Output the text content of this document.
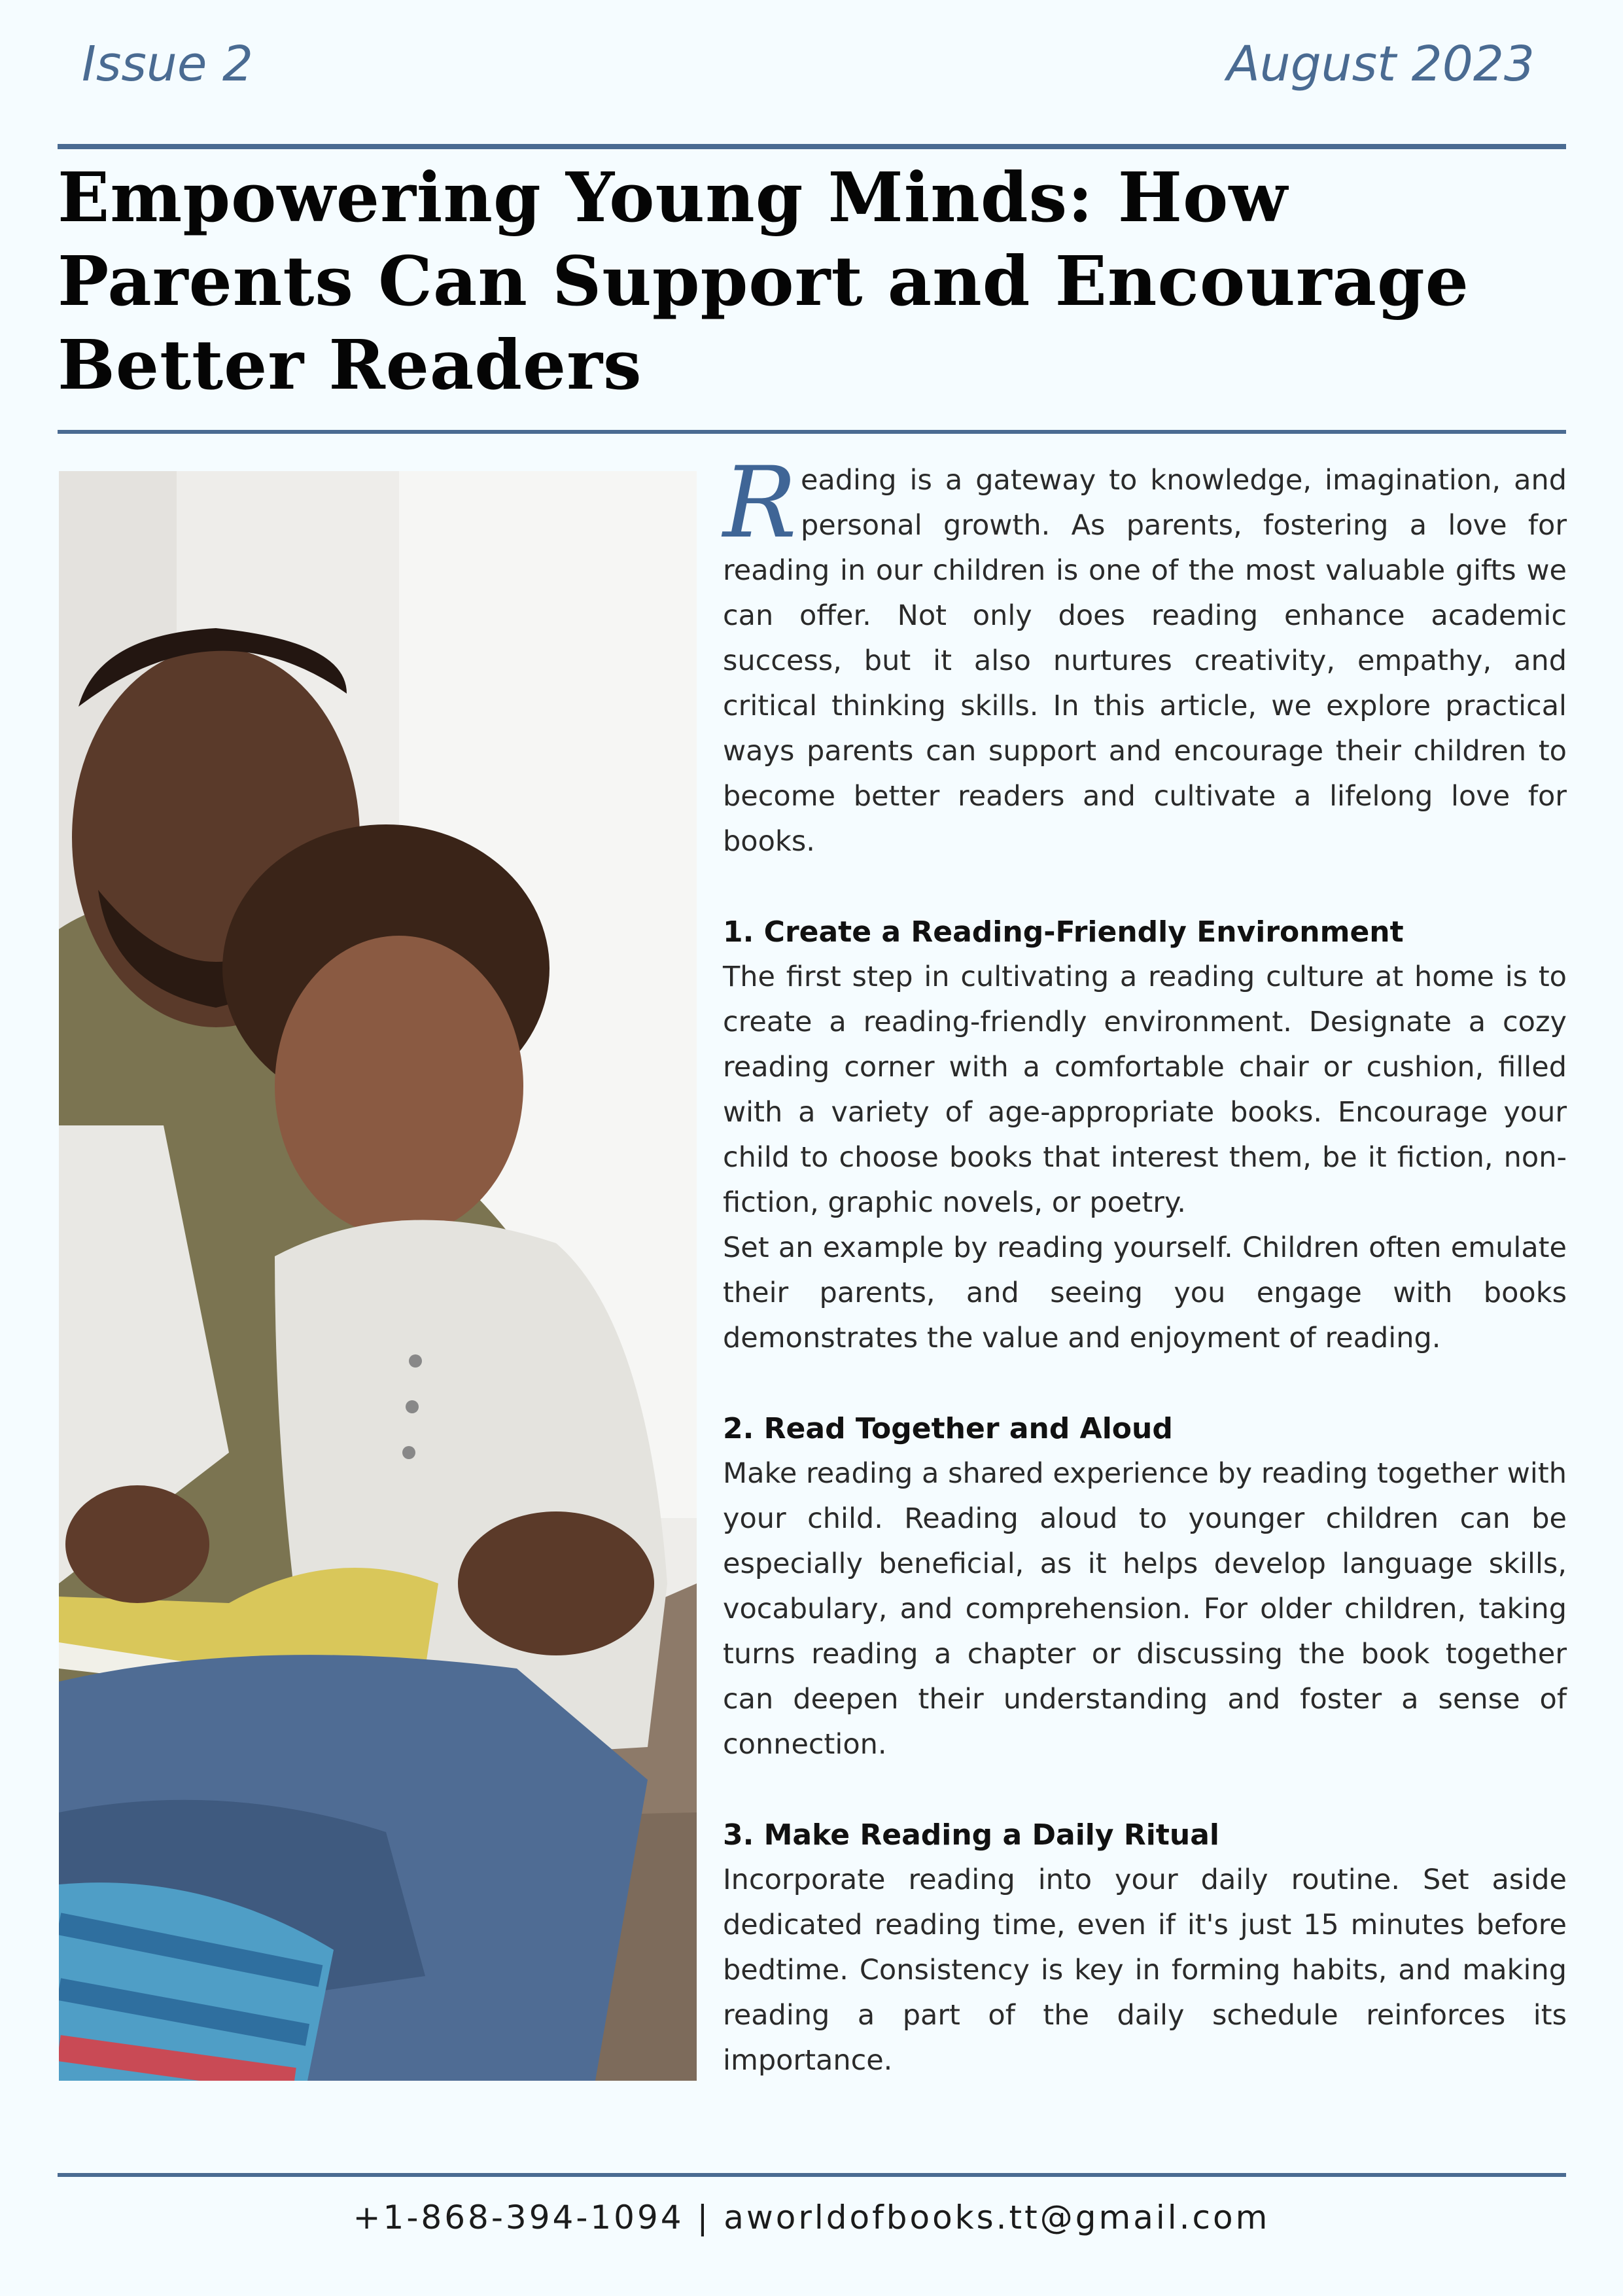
Issue 2	August 2023
Empowering Young Minds: How Parents Can Support and Encourage Better Readers

Reading is a gateway to knowledge, imagination, and personal growth. As parents, fostering a love for reading in our children is one of the most valuable gifts we can offer. Not only does reading enhance academic success, but it also nurtures creativity, empathy, and critical thinking skills. In this article, we explore practical ways parents can support and encourage their children to become better readers and cultivate a lifelong love for books.

1. Create a Reading-Friendly Environment

The first step in cultivating a reading culture at home is to create a reading-friendly environment. Designate a cozy reading corner with a comfortable chair or cushion, filled with a variety of age-appropriate books. Encourage your child to choose books that interest them, be it fiction, non-fiction, graphic novels, or poetry.

Set an example by reading yourself. Children often emulate their parents, and seeing you engage with books demonstrates the value and enjoyment of reading.

2. Read Together and Aloud

Make reading a shared experience by reading together with your child. Reading aloud to younger children can be especially beneficial, as it helps develop language skills, vocabulary, and comprehension. For older children, taking turns reading a chapter or discussing the book together can deepen their understanding and foster a sense of connection.

3. Make Reading a Daily Ritual

Incorporate reading into your daily routine. Set aside dedicated reading time, even if it's just 15 minutes before bedtime. Consistency is key in forming habits, and making reading a part of the daily schedule reinforces its importance.

+1-868-394-1094 | aworldofbooks.tt@gmail.com
